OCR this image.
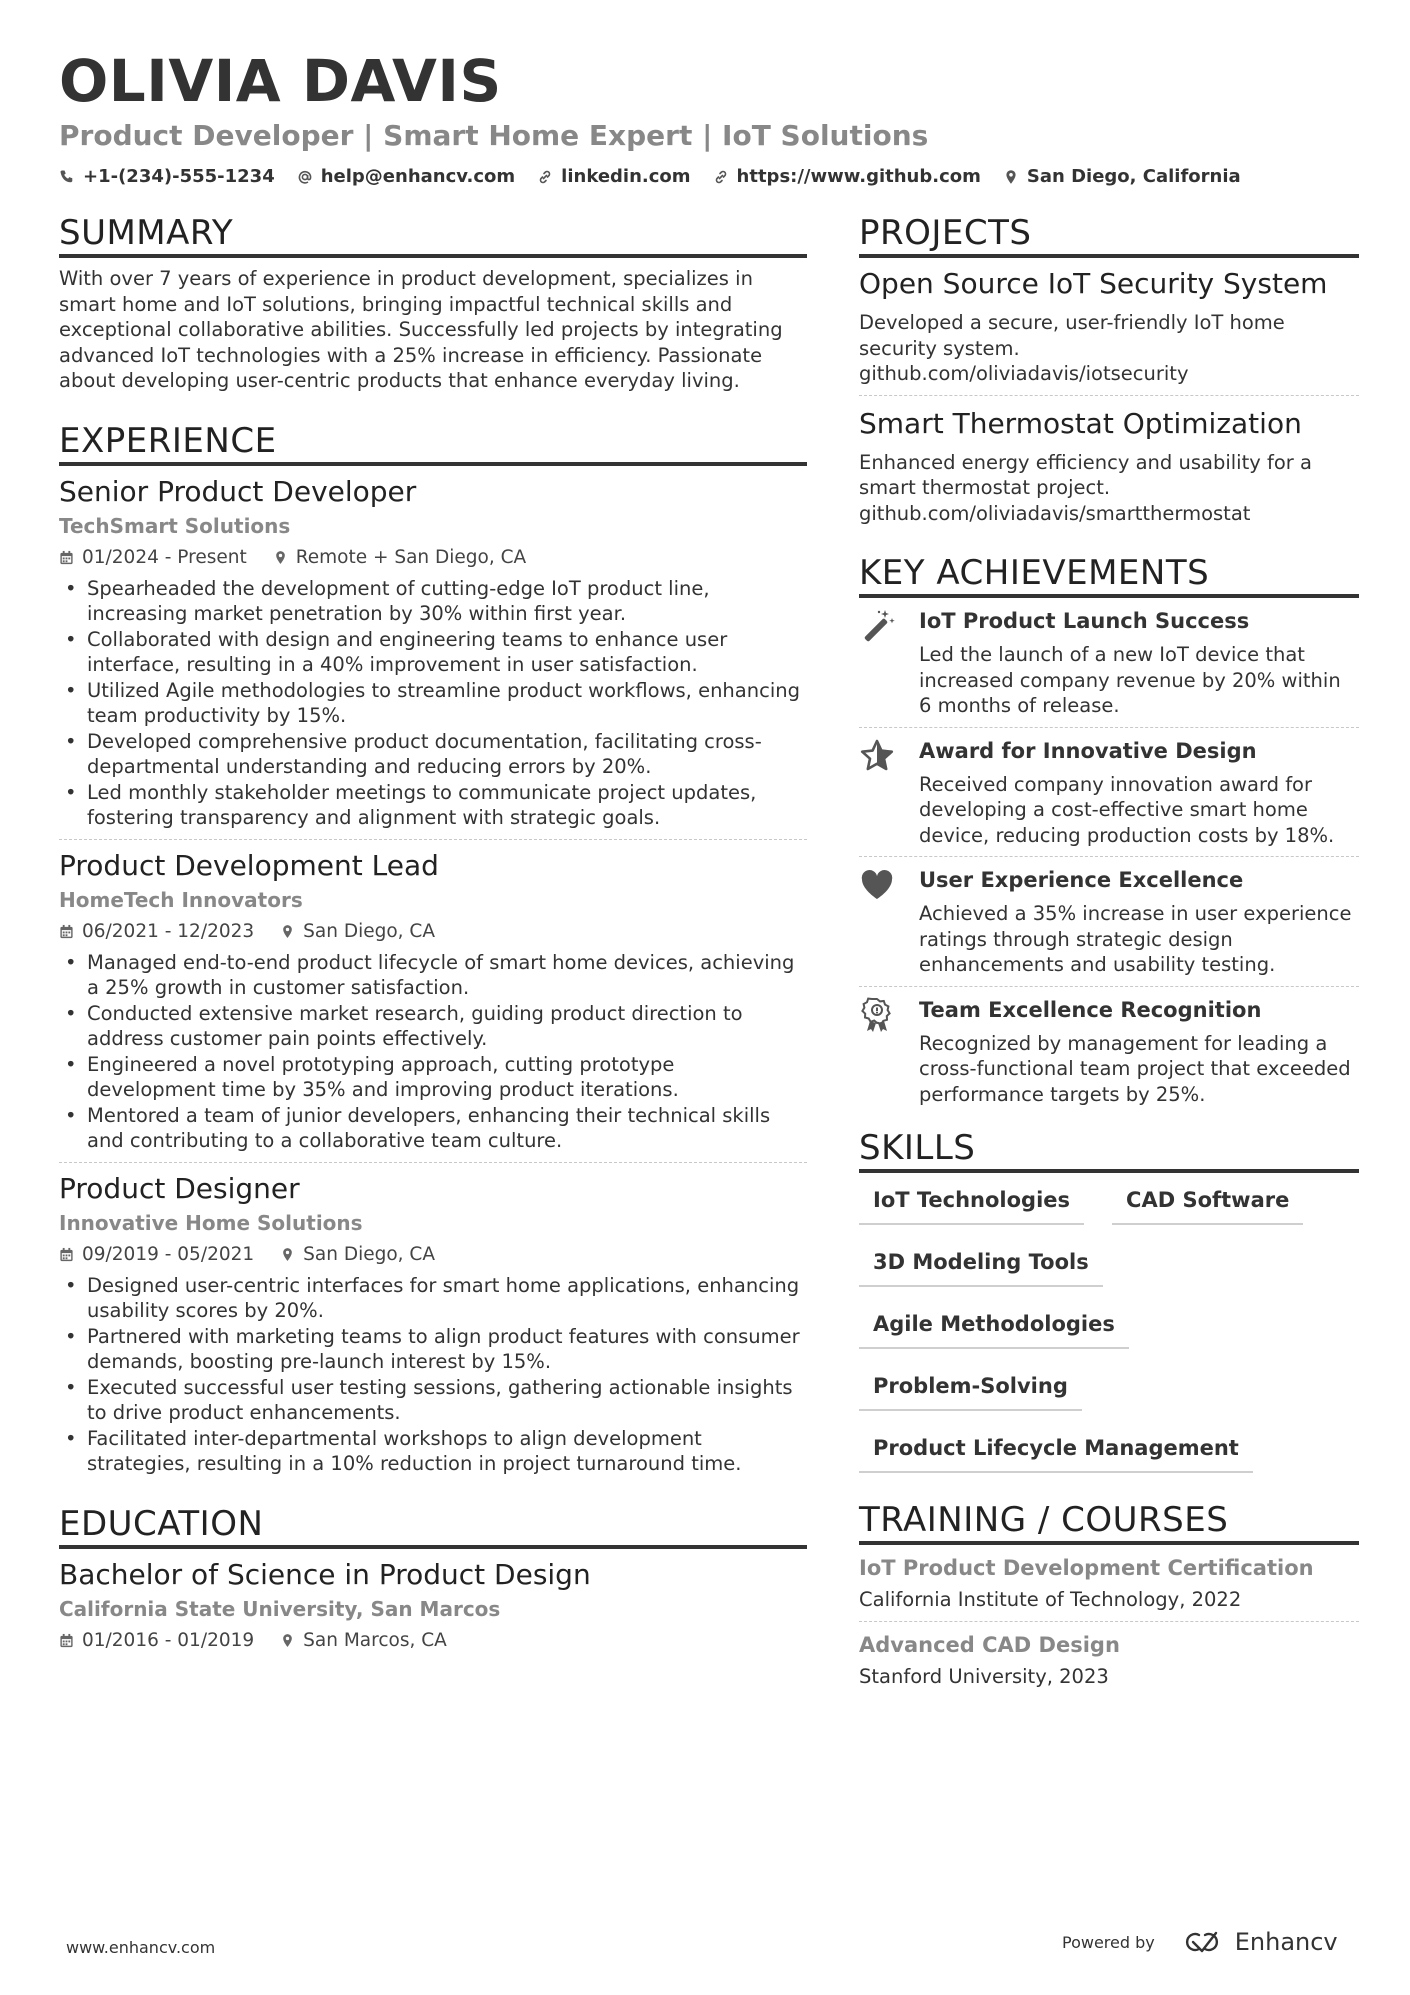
OLIVIA DAVIS
Product Developer | Smart Home Expert | IoT Solutions
+1-(234)-555-1234	help@enhancv.com	linkedin.com	https://www.github.com	San Diego, California
SUMMARY
With over 7 years of experience in product development, specializes in smart home and IoT solutions, bringing impactful technical skills and exceptional collaborative abilities. Successfully led projects by integrating advanced IoT technologies with a 25% increase in efficiency. Passionate about developing user-centric products that enhance everyday living.
EXPERIENCE
Senior Product Developer
TechSmart Solutions
01/2024 - Present	Remote + San Diego, CA
• Spearheaded the development of cutting-edge IoT product line, increasing market penetration by 30% within first year.
• Collaborated with design and engineering teams to enhance user interface, resulting in a 40% improvement in user satisfaction.
• Utilized Agile methodologies to streamline product workflows, enhancing team productivity by 15%.
• Developed comprehensive product documentation, facilitating cross-departmental understanding and reducing errors by 20%.
• Led monthly stakeholder meetings to communicate project updates, fostering transparency and alignment with strategic goals.
Product Development Lead
HomeTech Innovators
06/2021 - 12/2023	San Diego, CA
• Managed end-to-end product lifecycle of smart home devices, achieving a 25% growth in customer satisfaction.
• Conducted extensive market research, guiding product direction to address customer pain points effectively.
• Engineered a novel prototyping approach, cutting prototype development time by 35% and improving product iterations.
• Mentored a team of junior developers, enhancing their technical skills and contributing to a collaborative team culture.
Product Designer
Innovative Home Solutions
09/2019 - 05/2021	San Diego, CA
• Designed user-centric interfaces for smart home applications, enhancing usability scores by 20%.
• Partnered with marketing teams to align product features with consumer demands, boosting pre-launch interest by 15%.
• Executed successful user testing sessions, gathering actionable insights to drive product enhancements.
• Facilitated inter-departmental workshops to align development strategies, resulting in a 10% reduction in project turnaround time.
EDUCATION
Bachelor of Science in Product Design
California State University, San Marcos
01/2016 - 01/2019	San Marcos, CA
PROJECTS
Open Source IoT Security System
Developed a secure, user-friendly IoT home security system.
github.com/oliviadavis/iotsecurity
Smart Thermostat Optimization
Enhanced energy efficiency and usability for a smart thermostat project.
github.com/oliviadavis/smartthermostat
KEY ACHIEVEMENTS
IoT Product Launch Success
Led the launch of a new IoT device that increased company revenue by 20% within 6 months of release.
Award for Innovative Design
Received company innovation award for developing a cost-effective smart home device, reducing production costs by 18%.
User Experience Excellence
Achieved a 35% increase in user experience ratings through strategic design enhancements and usability testing.
Team Excellence Recognition
Recognized by management for leading a cross-functional team project that exceeded performance targets by 25%.
SKILLS
IoT Technologies	CAD Software
3D Modeling Tools
Agile Methodologies
Problem-Solving
Product Lifecycle Management
TRAINING / COURSES
IoT Product Development Certification
California Institute of Technology, 2022
Advanced CAD Design
Stanford University, 2023
www.enhancv.com	Powered by	Enhancv
